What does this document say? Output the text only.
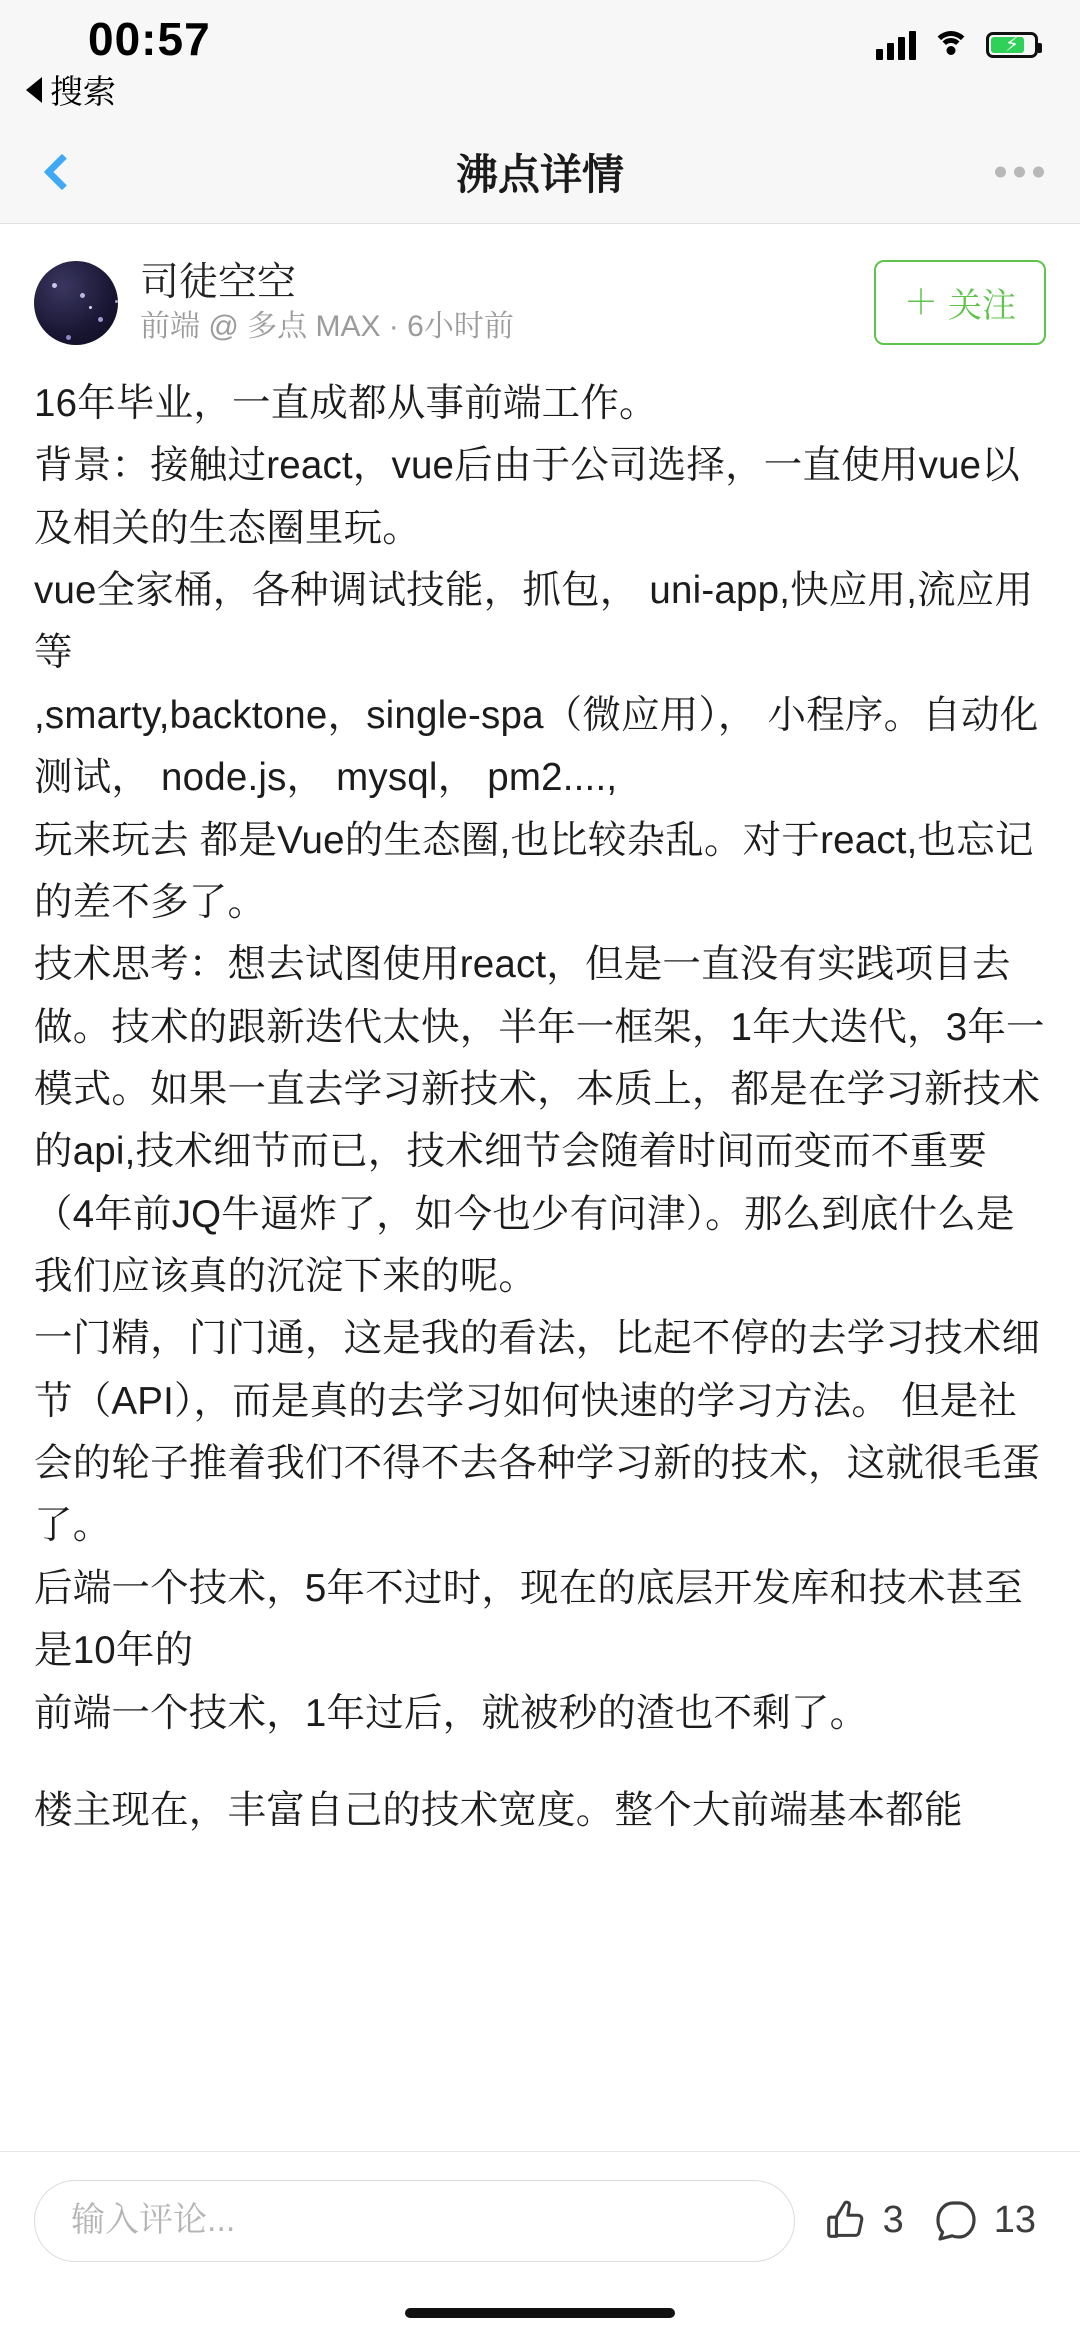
00:57	⚡
搜索
沸点详情
司徒空空
前端 @ 多点 MAX · 6小时前
＋ 关注

16年毕业，一直成都从事前端工作。

背景：接触过react，vue后由于公司选择，一直使用vue以及相关的生态圈里玩。

vue全家桶，各种调试技能，抓包， uni-app,快应用,流应用等

,smarty,backtone，single-spa（微应用）， 小程序。自动化测试， node.js， mysql， pm2....,

玩来玩去 都是Vue的生态圈,也比较杂乱。对于react,也忘记的差不多了。

技术思考：想去试图使用react，但是一直没有实践项目去做。技术的跟新迭代太快，半年一框架，1年大迭代，3年一模式。如果一直去学习新技术，本质上，都是在学习新技术的api,技术细节而已，技术细节会随着时间而变而不重要（4年前JQ牛逼炸了，如今也少有问津）。那么到底什么是我们应该真的沉淀下来的呢。

一门精，门门通，这是我的看法，比起不停的去学习技术细节（API），而是真的去学习如何快速的学习方法。 但是社会的轮子推着我们不得不去各种学习新的技术，这就很毛蛋了。

后端一个技术，5年不过时，现在的底层开发库和技术甚至是10年的

前端一个技术，1年过后，就被秒的渣也不剩了。

楼主现在，丰富自己的技术宽度。整个大前端基本都能

输入评论...
3 13
